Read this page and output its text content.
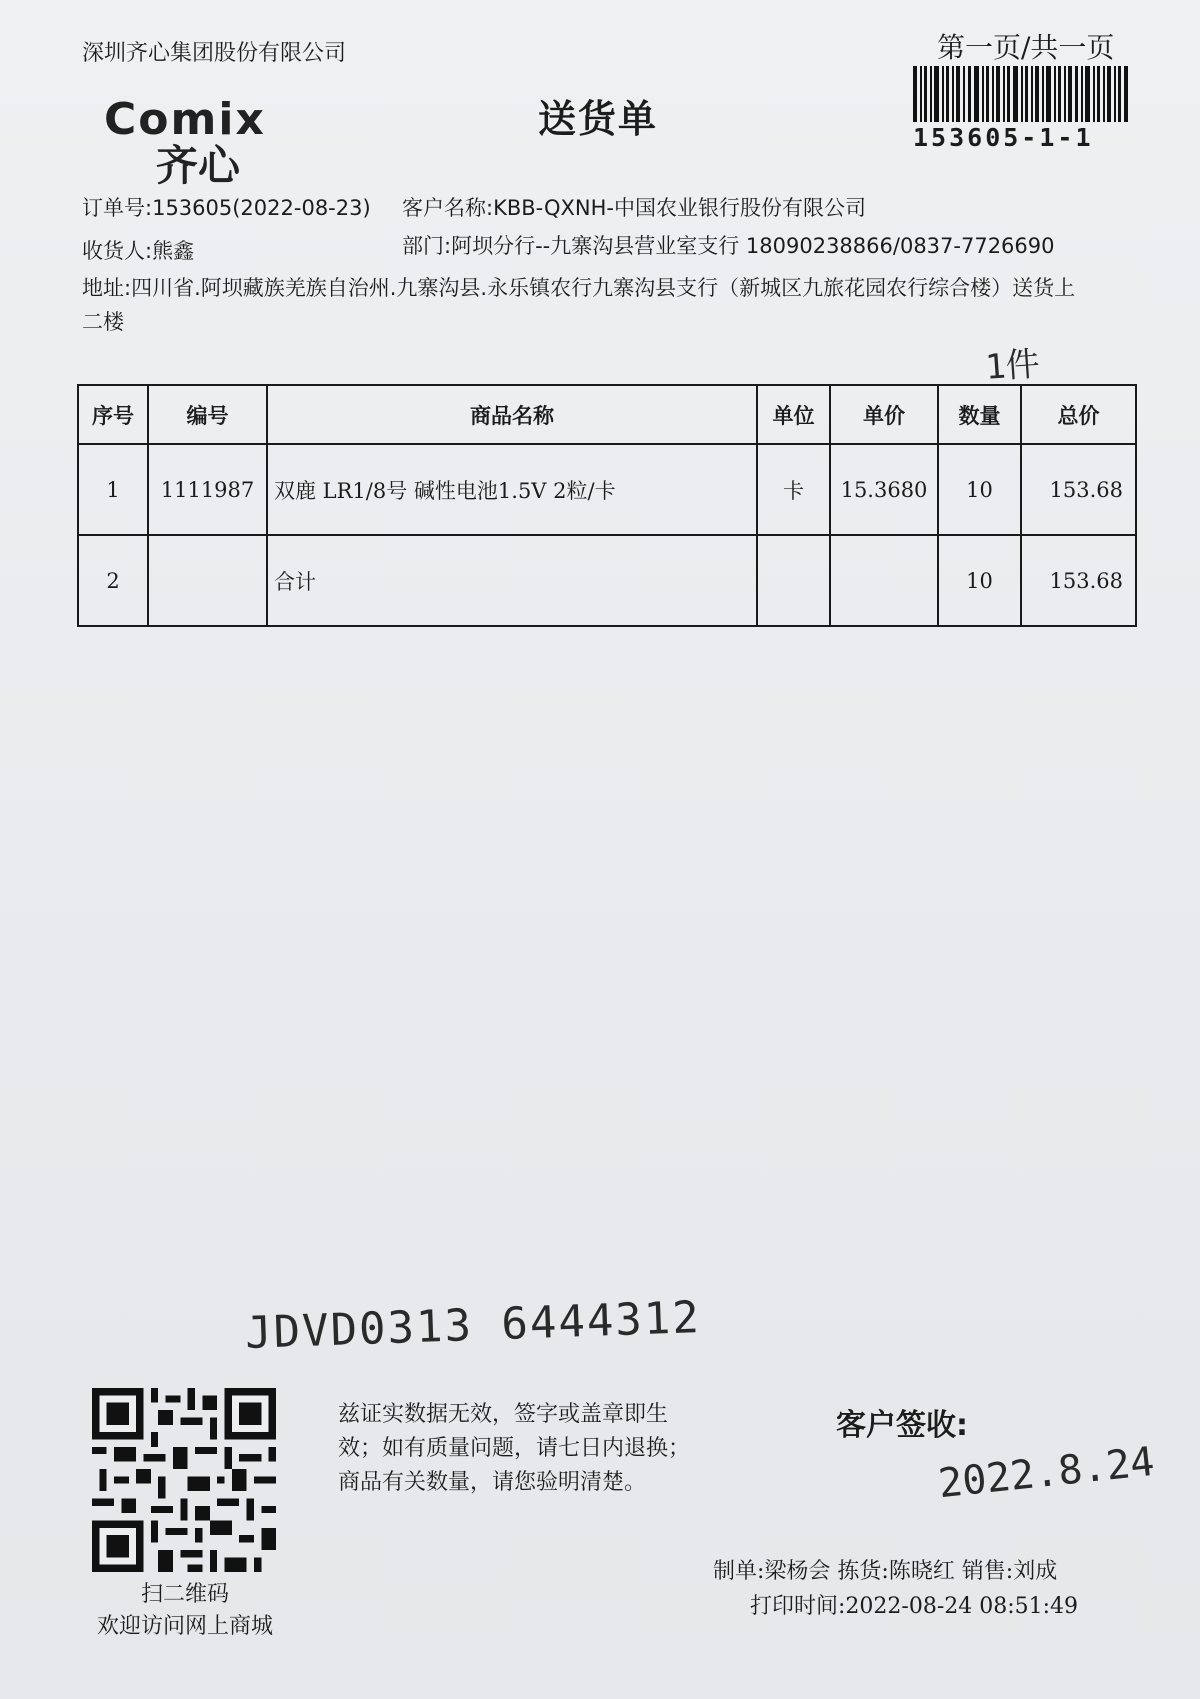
深圳齐心集团股份有限公司	第一页/共一页
153605-1-1
Comix
齐心
送货单
订单号:153605(2022-08-23) 客户名称:KBB-QXNH-中国农业银行股份有限公司
收货人:熊鑫	部门:阿坝分行--九寨沟县营业室支行 18090238866/0837-7726690
地址:四川省.阿坝藏族羌族自治州.九寨沟县.永乐镇农行九寨沟县支行（新城区九旅花园农行综合楼）送货上
二楼
1件
序号	编号	商品名称	单位	单价	数量	总价
1	1111987	双鹿 LR1/8号 碱性电池1.5V 2粒/卡	卡	15.3680	10	153.68
2		合计			10	153.68
JDVD0313 6444312
扫二维码
欢迎访问网上商城
兹证实数据无效，签字或盖章即生
效；如有质量问题，请七日内退换；
商品有关数量，请您验明清楚。
客户签收:
2022.8.24
制单:梁杨会 拣货:陈晓红 销售:刘成
打印时间:2022-08-24 08:51:49
